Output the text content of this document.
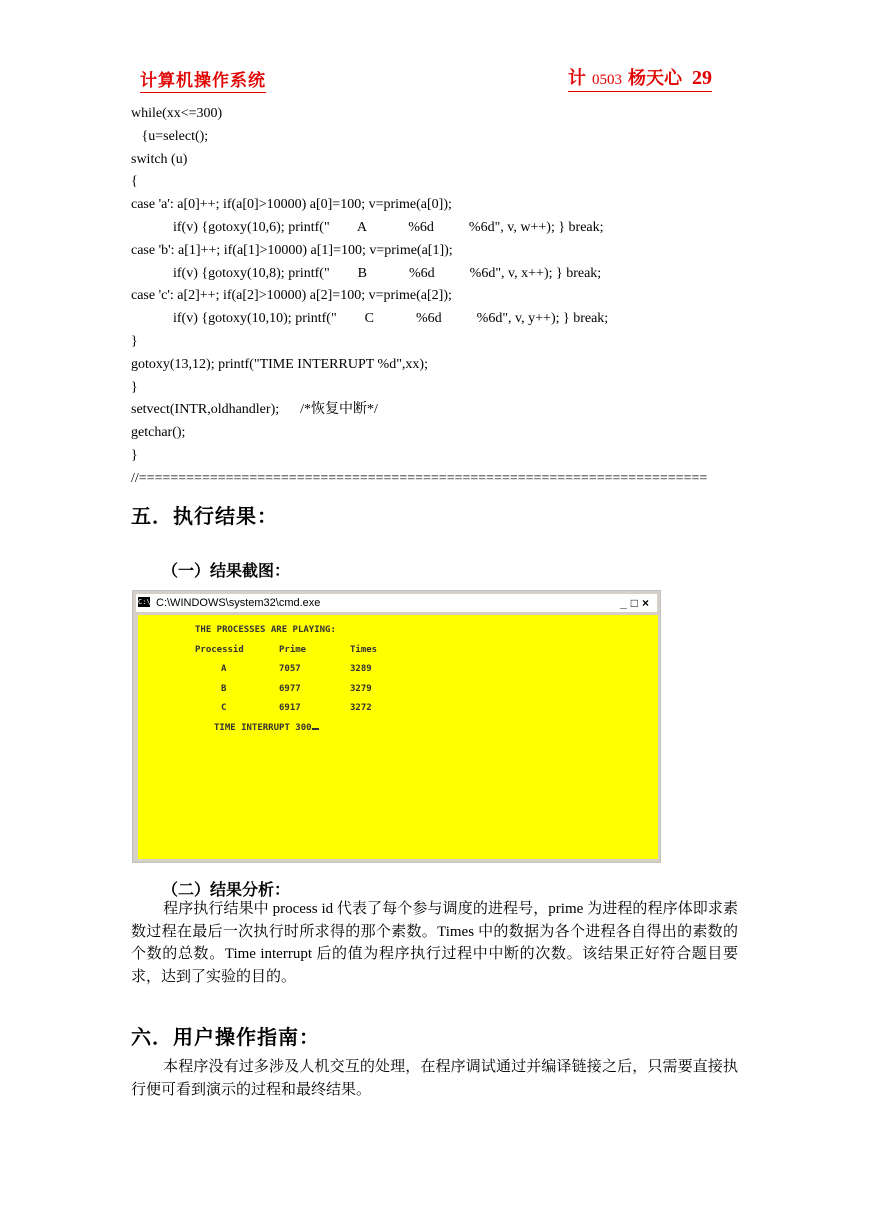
计算机操作系统	计 0503 杨天心 29
while(xx<=300)
{u=select();
switch (u)
{
case 'a': a[0]++; if(a[0]>10000) a[0]=100; v=prime(a[0]);
if(v) {gotoxy(10,6); printf("        A            %6d          %6d", v, w++); } break;
case 'b': a[1]++; if(a[1]>10000) a[1]=100; v=prime(a[1]);
if(v) {gotoxy(10,8); printf("        B            %6d          %6d", v, x++); } break;
case 'c': a[2]++; if(a[2]>10000) a[2]=100; v=prime(a[2]);
if(v) {gotoxy(10,10); printf("        C            %6d          %6d", v, y++); } break;
}
gotoxy(13,12); printf("TIME INTERRUPT %d",xx);
}
setvect(INTR,oldhandler);      /*恢复中断*/
getchar();
}
//========================================================================
五．执行结果：
（一）结果截图：
C:\ C:\WINDOWS\system32\cmd.exe	_□×
THE PROCESSES ARE PLAYING:
Processid	Prime	Times
A	7057	3289
B	6977	3279
C	6917	3272
TIME INTERRUPT 300
（二）结果分析：
程序执行结果中 process id 代表了每个参与调度的进程号，prime 为进程的程序体即求素数过程在最后一次执行时所求得的那个素数。Times 中的数据为各个进程各自得出的素数的个数的总数。Time interrupt 后的值为程序执行过程中中断的次数。该结果正好符合题目要求，达到了实验的目的。
六．用户操作指南：
本程序没有过多涉及人机交互的处理，在程序调试通过并编译链接之后，只需要直接执行便可看到演示的过程和最终结果。
